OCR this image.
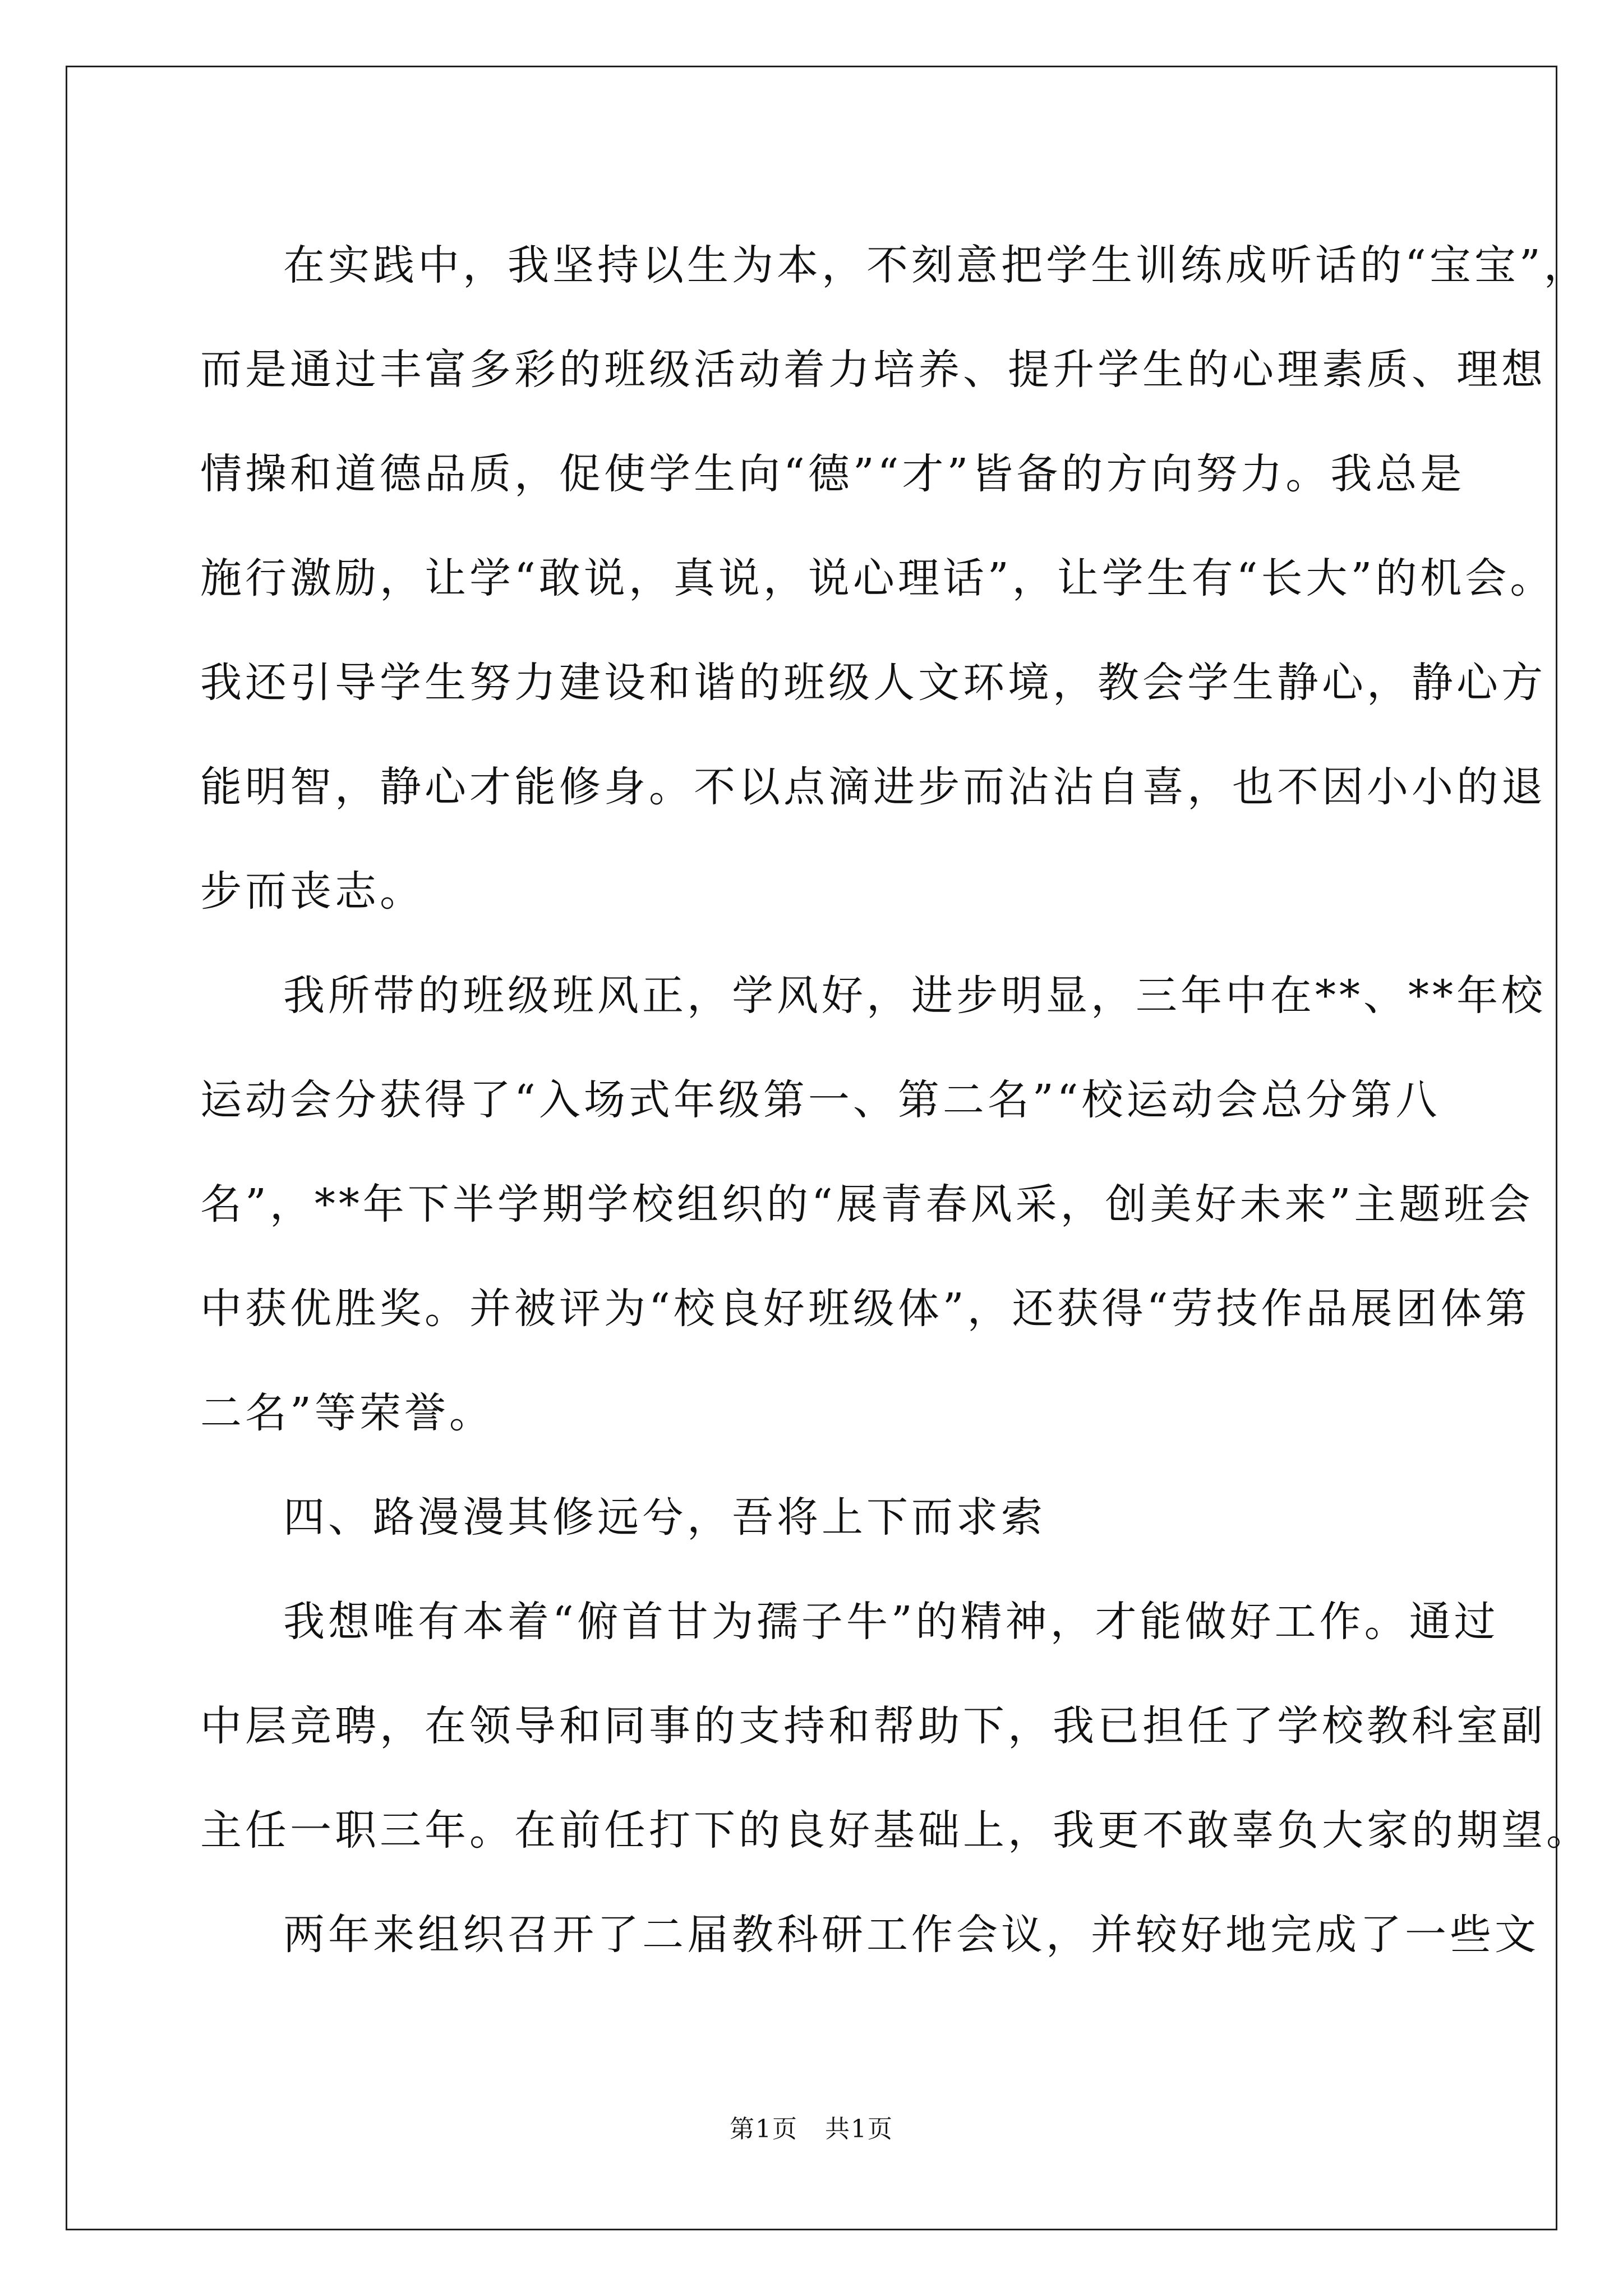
在实践中，我坚持以生为本，不刻意把学生训练成听话的“宝宝”，
而是通过丰富多彩的班级活动着力培养、提升学生的心理素质、理想
情操和道德品质，促使学生向“德”“才”皆备的方向努力。我总是
施行激励，让学“敢说，真说，说心理话”，让学生有“长大”的机会。
我还引导学生努力建设和谐的班级人文环境，教会学生静心，静心方
能明智，静心才能修身。不以点滴进步而沾沾自喜，也不因小小的退
步而丧志。
我所带的班级班风正，学风好，进步明显，三年中在**、**年校
运动会分获得了“入场式年级第一、第二名”“校运动会总分第八
名”，**年下半学期学校组织的“展青春风采，创美好未来”主题班会
中获优胜奖。并被评为“校良好班级体”，还获得“劳技作品展团体第
二名”等荣誉。
四、路漫漫其修远兮，吾将上下而求索
我想唯有本着“俯首甘为孺子牛”的精神，才能做好工作。通过
中层竞聘，在领导和同事的支持和帮助下，我已担任了学校教科室副
主任一职三年。在前任打下的良好基础上，我更不敢辜负大家的期望。
两年来组织召开了二届教科研工作会议，并较好地完成了一些文
第1页   共1页
